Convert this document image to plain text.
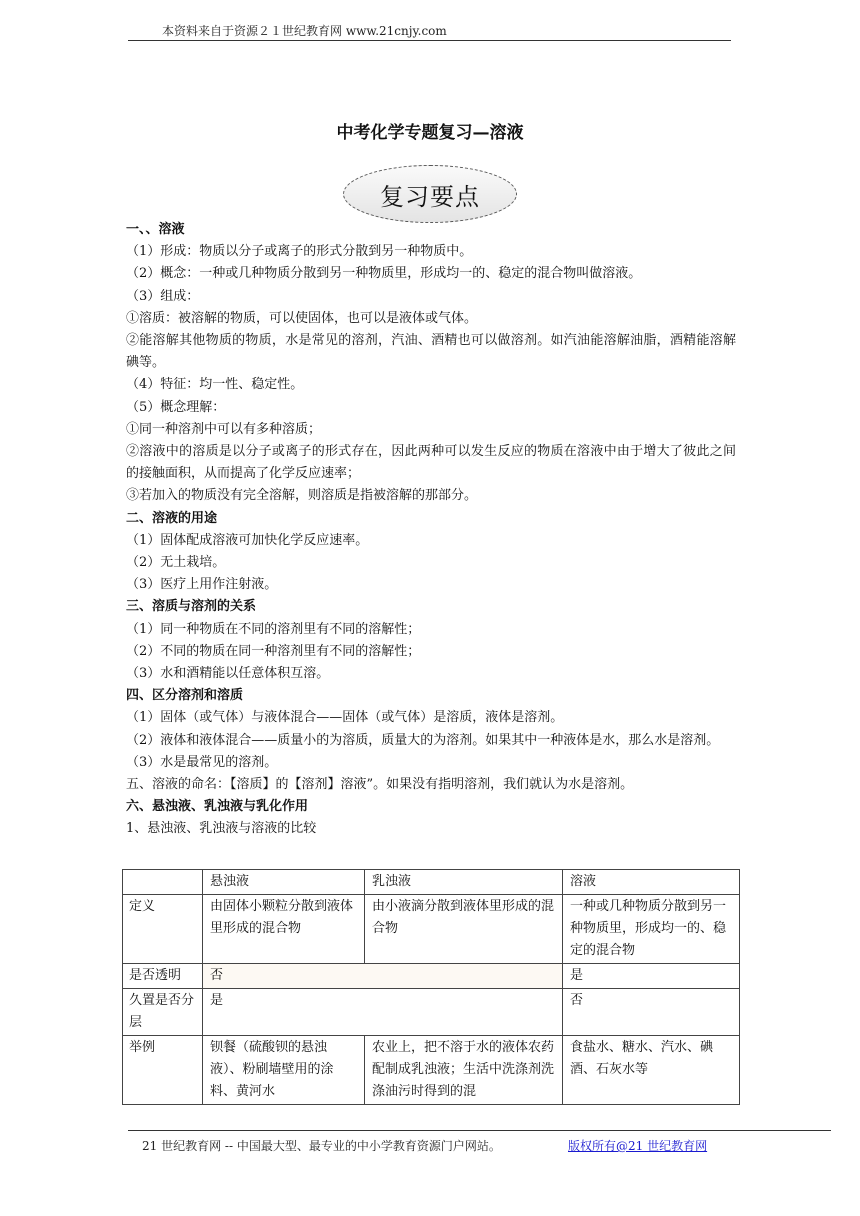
本资料来自于资源２１世纪教育网 www.21cnjy.com
中考化学专题复习—溶液
复习要点

一、、溶液

（1）形成：物质以分子或离子的形式分散到另一种物质中。

（2）概念：一种或几种物质分散到另一种物质里，形成均一的、稳定的混合物叫做溶液。

（3）组成：

①溶质：被溶解的物质，可以使固体，也可以是液体或气体。

②能溶解其他物质的物质，水是常见的溶剂，汽油、酒精也可以做溶剂。如汽油能溶解油脂，酒精能溶解碘等。

（4）特征：均一性、稳定性。

（5）概念理解：

①同一种溶剂中可以有多种溶质；

②溶液中的溶质是以分子或离子的形式存在，因此两种可以发生反应的物质在溶液中由于增大了彼此之间的接触面积，从而提高了化学反应速率；

③若加入的物质没有完全溶解，则溶质是指被溶解的那部分。

二、溶液的用途

（1）固体配成溶液可加快化学反应速率。

（2）无土栽培。

（3）医疗上用作注射液。

三、溶质与溶剂的关系

（1）同一种物质在不同的溶剂里有不同的溶解性；

（2）不同的物质在同一种溶剂里有不同的溶解性；

（3）水和酒精能以任意体积互溶。

四、区分溶剂和溶质

（1）固体（或气体）与液体混合——固体（或气体）是溶质，液体是溶剂。

（2）液体和液体混合——质量小的为溶质，质量大的为溶剂。如果其中一种液体是水，那么水是溶剂。

（3）水是最常见的溶剂。

五、溶液的命名：【溶质】的【溶剂】溶液”。如果没有指明溶剂，我们就认为水是溶剂。

六、悬浊液、乳浊液与乳化作用

1、悬浊液、乳浊液与溶液的比较

	悬浊液	乳浊液	溶液
定义	由固体小颗粒分散到液体里形成的混合物	由小液滴分散到液体里形成的混合物	一种或几种物质分散到另一种物质里，形成均一的、稳定的混合物
是否透明	否		是
久置是否分层	是		否
举例	钡餐（硫酸钡的悬浊液）、粉刷墙壁用的涂料、黄河水	农业上，把不溶于水的液体农药配制成乳浊液；生活中洗涤剂洗涤油污时得到的混	食盐水、糖水、汽水、碘酒、石灰水等
21 世纪教育网 -- 中国最大型、最专业的中小学教育资源门户网站。	版权所有@21 世纪教育网
